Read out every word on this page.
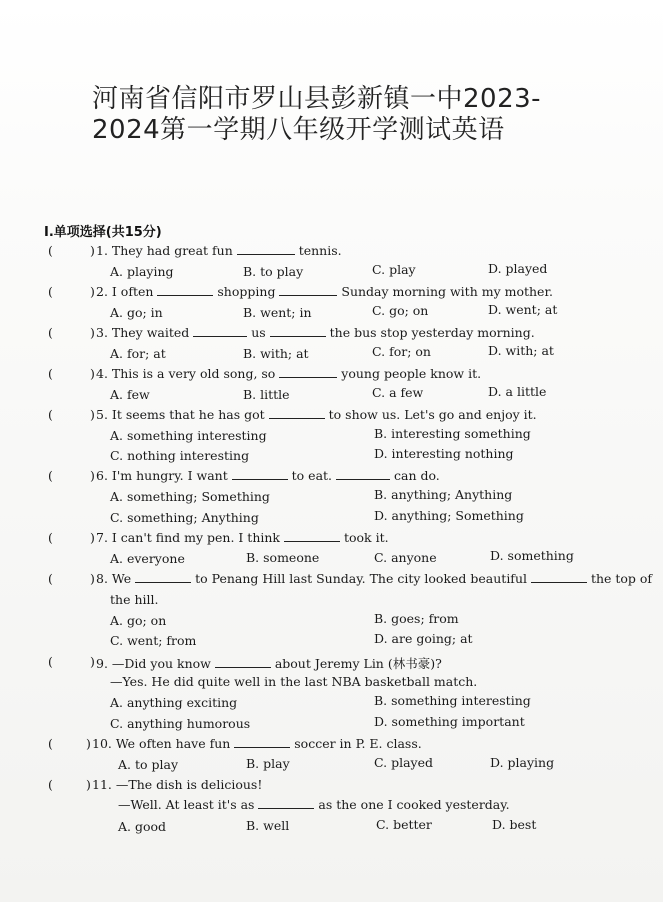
河南省信阳市罗山县彭新镇一中2023-
2024第一学期八年级开学测试英语

Ⅰ.单项选择(共15分)
(	) 1. They had great fun	tennis.
A. playing	B. to play	C. play	D. played
(	) 2. I often	shopping	Sunday morning with my mother.
A. go; in	B. went; in	C. go; on	D. went; at
(	) 3. They waited	us	the bus stop yesterday morning.
A. for; at	B. with; at	C. for; on	D. with; at
(	) 4. This is a very old song, so	young people know it.
A. few	B. little	C. a few	D. a little
(	) 5. It seems that he has got	to show us. Let's go and enjoy it.
A. something interesting	B. interesting something
C. nothing interesting	D. interesting nothing
(	) 6. I'm hungry. I want	to eat.	can do.
A. something; Something	B. anything; Anything
C. something; Anything	D. anything; Something
(	) 7. I can't find my pen. I think	took it.
A. everyone	B. someone	C. anyone	D. something
(	) 8. We	to Penang Hill last Sunday. The city looked beautiful	the top of
the hill.
A. go; on	B. goes; from
C. went; from	D. are going; at
(	) 9. —Did you know	about Jeremy Lin (林书豪)?
—Yes. He did quite well in the last NBA basketball match.
A. anything exciting	B. something interesting
C. anything humorous	D. something important
(	) 10. We often have fun	soccer in P. E. class.
A. to play	B. play	C. played	D. playing
(	) 11. —The dish is delicious!
—Well. At least it's as	as the one I cooked yesterday.
A. good	B. well	C. better	D. best
